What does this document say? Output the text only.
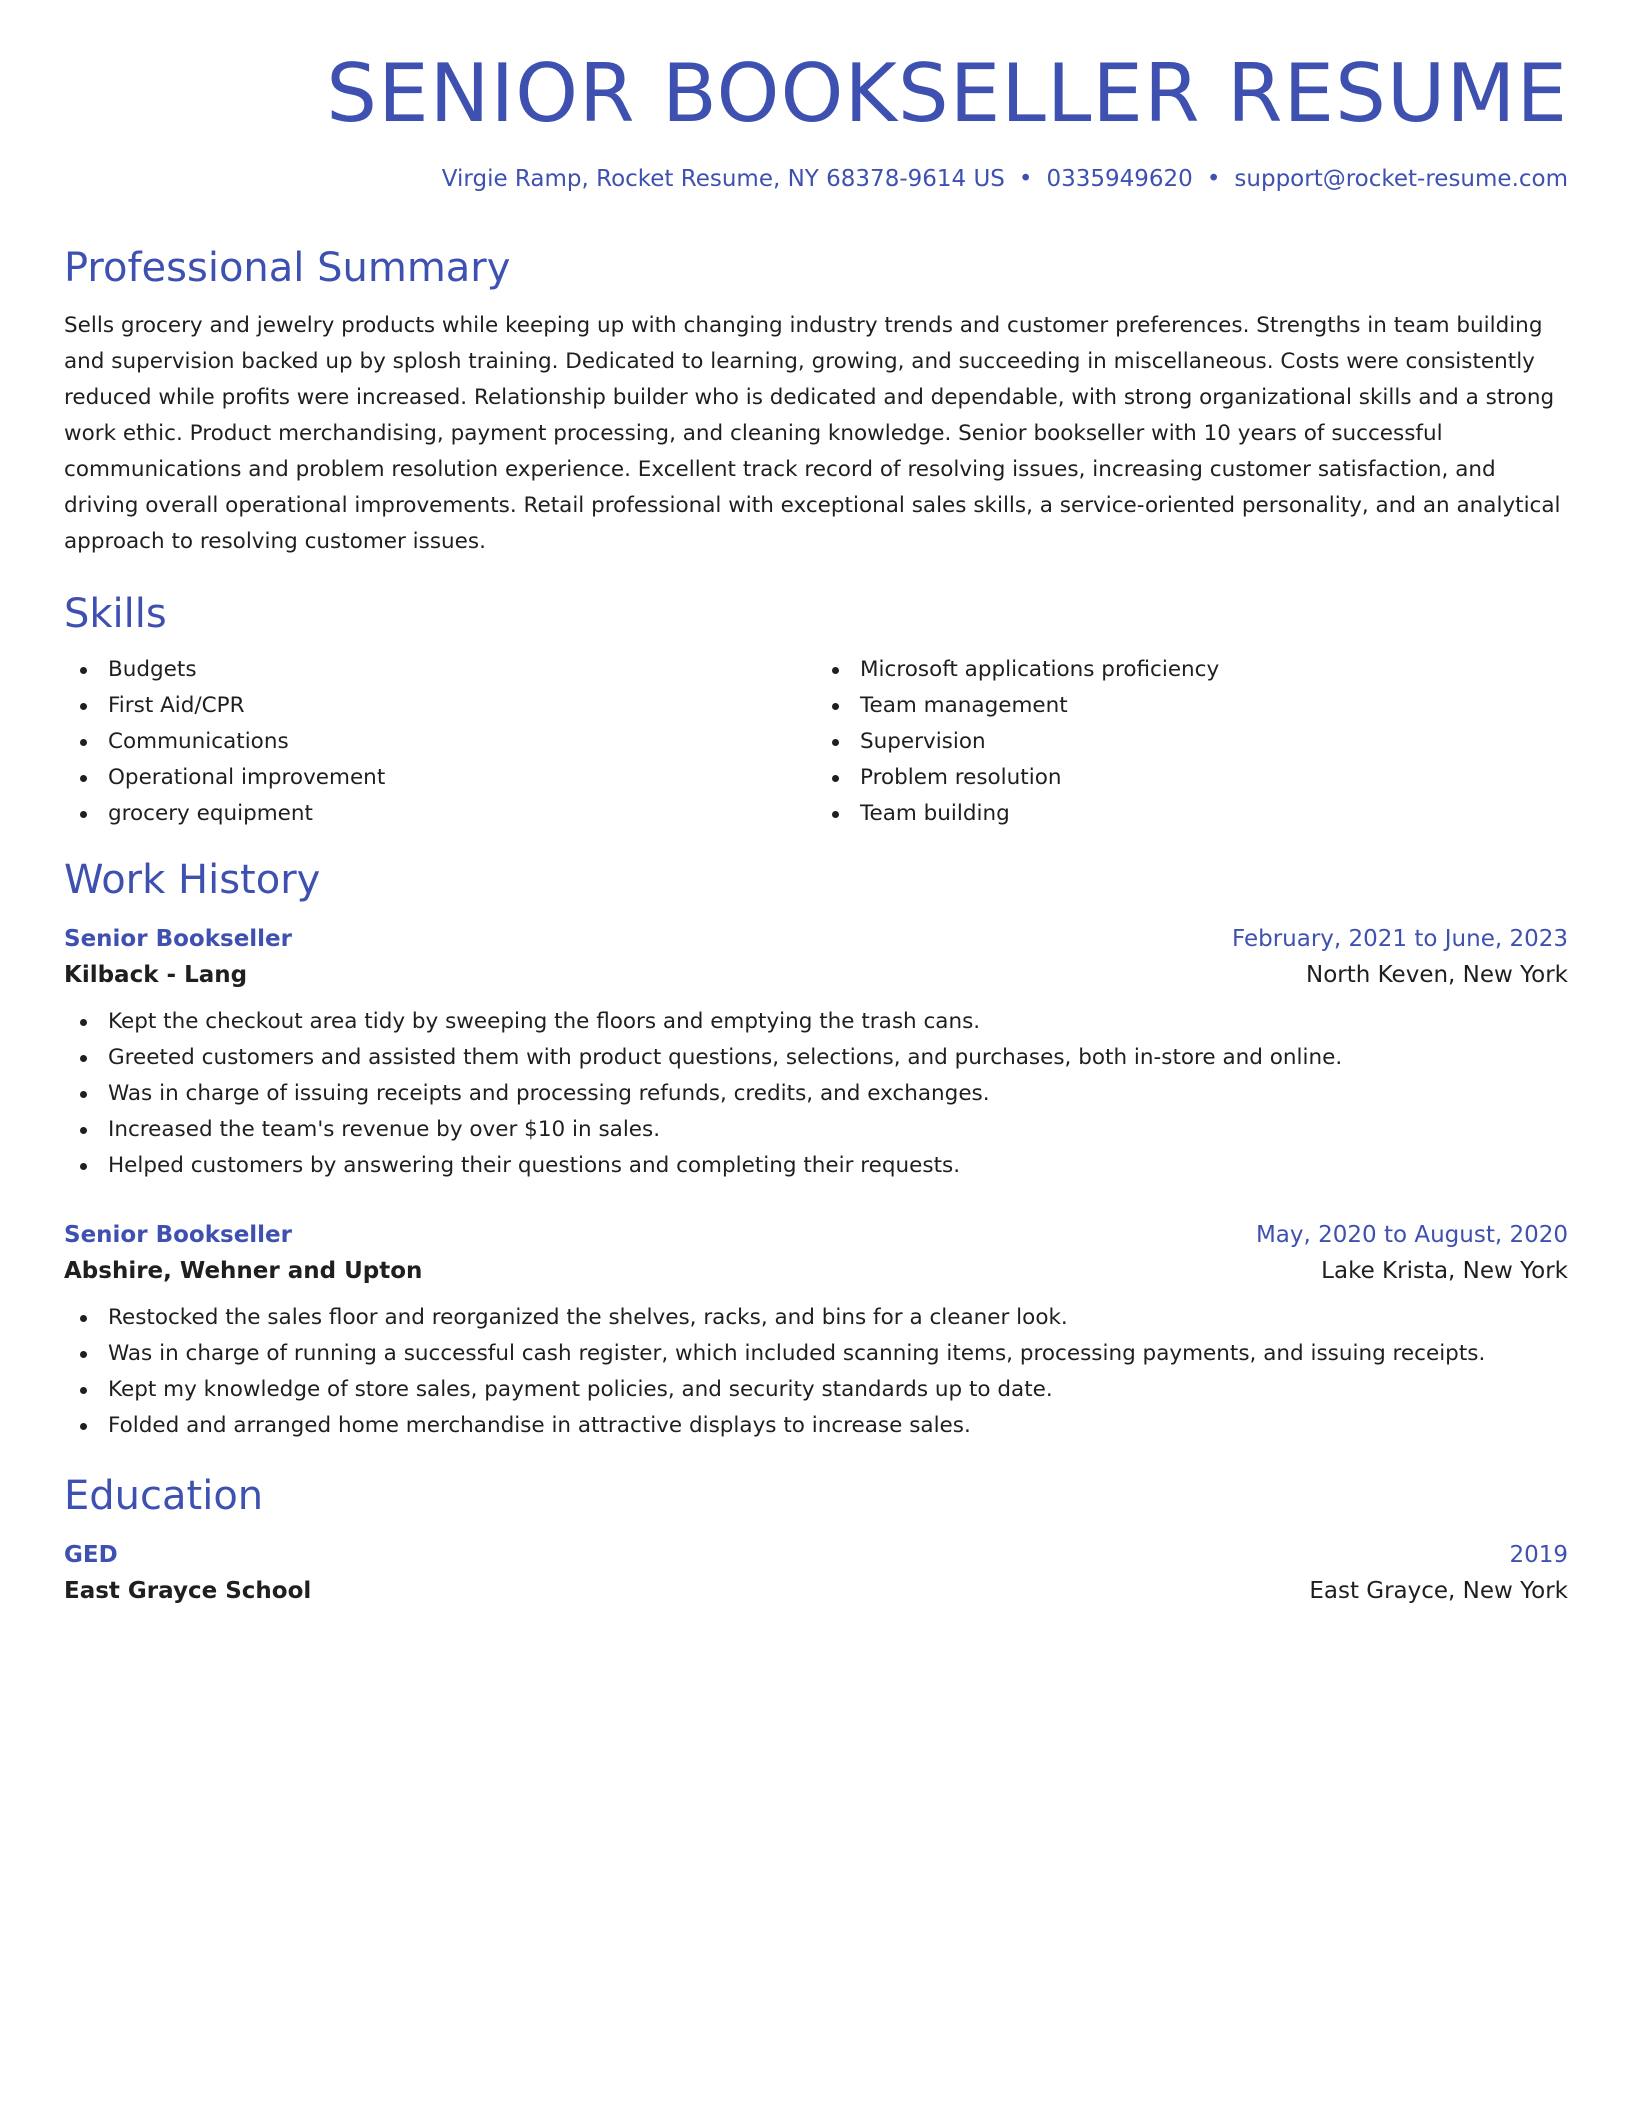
SENIOR BOOKSELLER RESUME
Virgie Ramp, Rocket Resume, NY 68378-9614 US • 0335949620 • support@rocket-resume.com
Professional Summary
Sells grocery and jewelry products while keeping up with changing industry trends and customer preferences. Strengths in team building and supervision backed up by splosh training. Dedicated to learning, growing, and succeeding in miscellaneous. Costs were consistently reduced while profits were increased. Relationship builder who is dedicated and dependable, with strong organizational skills and a strong work ethic. Product merchandising, payment processing, and cleaning knowledge. Senior bookseller with 10 years of successful communications and problem resolution experience. Excellent track record of resolving issues, increasing customer satisfaction, and driving overall operational improvements. Retail professional with exceptional sales skills, a service-oriented personality, and an analytical approach to resolving customer issues.
Skills
Budgets
First Aid/CPR
Communications
Operational improvement
grocery equipment
Microsoft applications proficiency
Team management
Supervision
Problem resolution
Team building
Work History
Senior Bookseller	February, 2021 to June, 2023
Kilback - Lang	North Keven, New York
Kept the checkout area tidy by sweeping the floors and emptying the trash cans.
Greeted customers and assisted them with product questions, selections, and purchases, both in-store and online.
Was in charge of issuing receipts and processing refunds, credits, and exchanges.
Increased the team's revenue by over $10 in sales.
Helped customers by answering their questions and completing their requests.
Senior Bookseller	May, 2020 to August, 2020
Abshire, Wehner and Upton	Lake Krista, New York
Restocked the sales floor and reorganized the shelves, racks, and bins for a cleaner look.
Was in charge of running a successful cash register, which included scanning items, processing payments, and issuing receipts.
Kept my knowledge of store sales, payment policies, and security standards up to date.
Folded and arranged home merchandise in attractive displays to increase sales.
Education
GED	2019
East Grayce School	East Grayce, New York
